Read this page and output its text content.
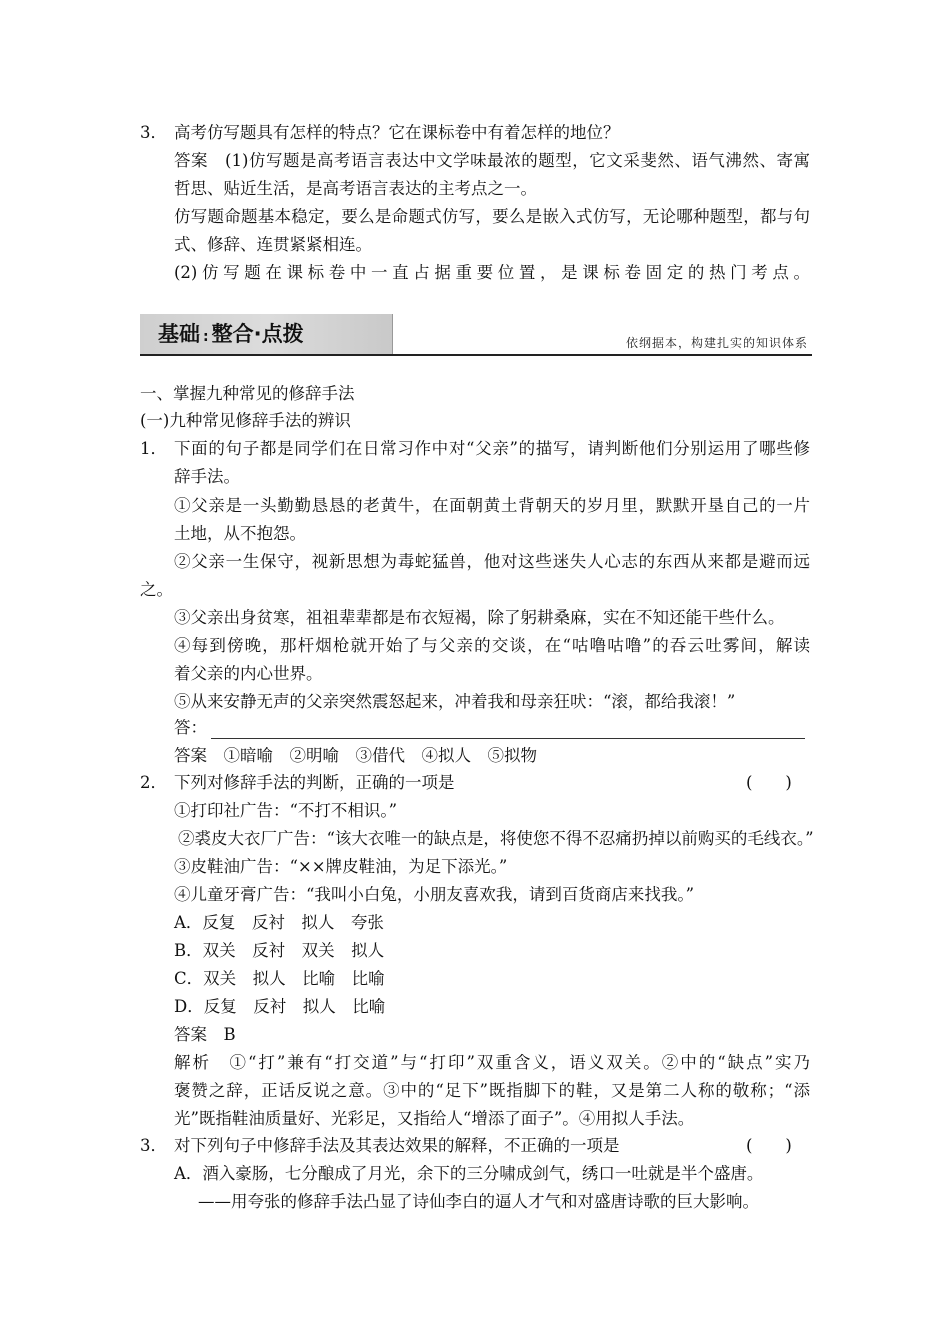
3． 高考仿写题具有怎样的特点？它在课标卷中有着怎样的地位？
答案　(1)仿写题是高考语言表达中文学味最浓的题型，它文采斐然、语气沸然、寄寓
哲思、贴近生活，是高考语言表达的主考点之一。
仿写题命题基本稳定，要么是命题式仿写，要么是嵌入式仿写，无论哪种题型，都与句
式、修辞、连贯紧紧相连。
(2)仿写题在课标卷中一直占据重要位置，是课标卷固定的热门考点。
基础 : 整合·点拨	依纲据本，构建扎实的知识体系
一、掌握九种常见的修辞手法
(一)九种常见修辞手法的辨识
1． 下面的句子都是同学们在日常习作中对“父亲”的描写，请判断他们分别运用了哪些修
辞手法。
①父亲是一头勤勤恳恳的老黄牛，在面朝黄土背朝天的岁月里，默默开垦自己的一片
土地，从不抱怨。
②父亲一生保守，视新思想为毒蛇猛兽，他对这些迷失人心志的东西从来都是避而远
之。
③父亲出身贫寒，祖祖辈辈都是布衣短褐，除了躬耕桑麻，实在不知还能干些什么。
④每到傍晚，那杆烟枪就开始了与父亲的交谈，在“咕噜咕噜”的吞云吐雾间，解读
着父亲的内心世界。
⑤从来安静无声的父亲突然震怒起来，冲着我和母亲狂吠：“滚，都给我滚！”
答：
答案　①暗喻　②明喻　③借代　④拟人　⑤拟物
2． 下列对修辞手法的判断，正确的一项是	(　　)
①打印社广告：“不打不相识。”
②裘皮大衣厂广告：“该大衣唯一的缺点是，将使您不得不忍痛扔掉以前购买的毛线衣。”
③皮鞋油广告：“××牌皮鞋油，为足下添光。”
④儿童牙膏广告：“我叫小白兔，小朋友喜欢我，请到百货商店来找我。”
A．反复　反衬　拟人　夸张
B．双关　反衬　双关　拟人
C．双关　拟人　比喻　比喻
D．反复　反衬　拟人　比喻
答案　B
解析　①“打”兼有“打交道”与“打印”双重含义，语义双关。②中的“缺点”实乃
褒赞之辞，正话反说之意。③中的“足下”既指脚下的鞋，又是第二人称的敬称；“添
光”既指鞋油质量好、光彩足，又指给人“增添了面子”。④用拟人手法。
3． 对下列句子中修辞手法及其表达效果的解释，不正确的一项是	(　　)
A．酒入豪肠，七分酿成了月光，余下的三分啸成剑气，绣口一吐就是半个盛唐。
——用夸张的修辞手法凸显了诗仙李白的逼人才气和对盛唐诗歌的巨大影响。
